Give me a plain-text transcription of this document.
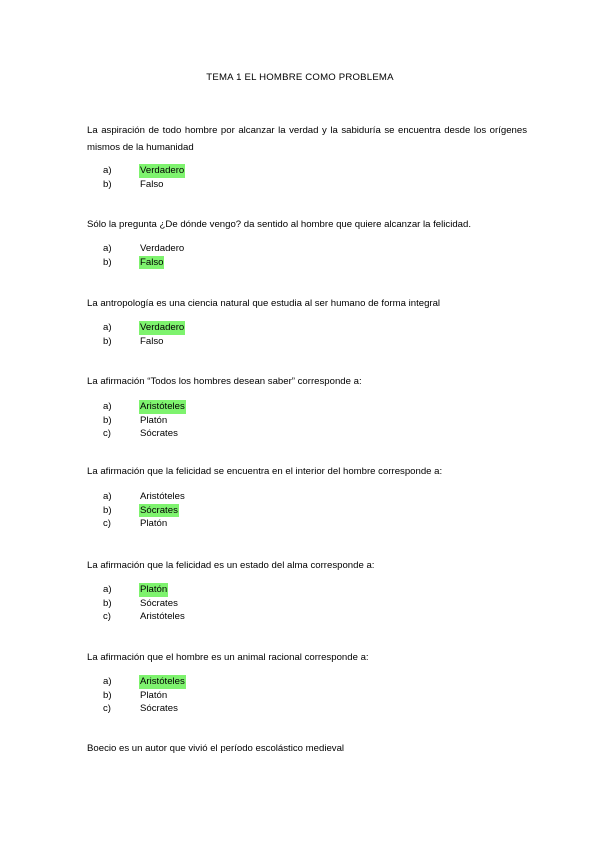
TEMA 1 EL HOMBRE COMO PROBLEMA
La aspiración de todo hombre por alcanzar la verdad y la sabiduría se encuentra desde los orígenes mismos de la humanidad
a)	Verdadero
b)	Falso
Sólo la pregunta ¿De dónde vengo? da sentido al hombre que quiere alcanzar la felicidad.
a)	Verdadero
b)	Falso
La antropología es una ciencia natural que estudia al ser humano de forma integral
a)	Verdadero
b)	Falso
La afirmación “Todos los hombres desean saber” corresponde a:
a)	Aristóteles
b)	Platón
c)	Sócrates
La afirmación que la felicidad se encuentra en el interior del hombre corresponde a:
a)	Aristóteles
b)	Sócrates
c)	Platón
La afirmación que la felicidad es un estado del alma corresponde a:
a)	Platón
b)	Sócrates
c)	Aristóteles
La afirmación que el hombre es un animal racional corresponde a:
a)	Aristóteles
b)	Platón
c)	Sócrates
Boecio es un autor que vivió el período escolástico medieval
